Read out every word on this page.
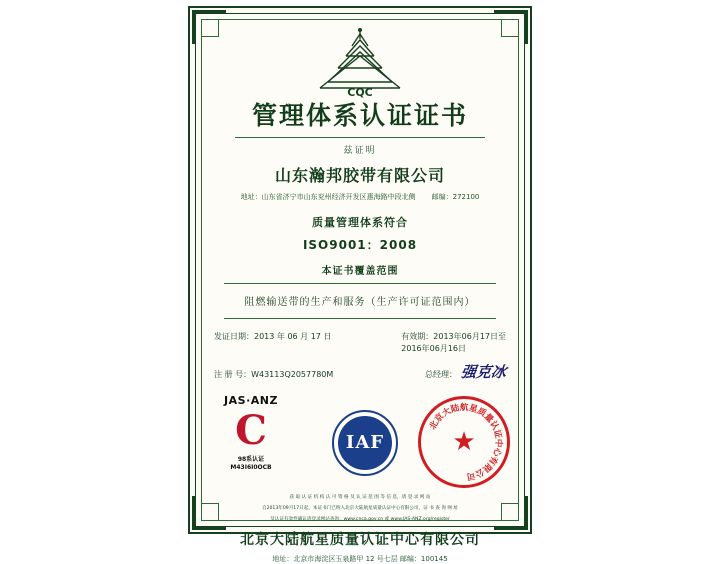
CQC
管理体系认证证书
兹证明
山东瀚邦胶带有限公司
地址：山东省济宁市山东兖州经济开发区惠海路中段北侧 邮编：272100
质量管理体系符合
ISO9001：2008
本证书覆盖范围
阻燃输送带的生产和服务（生产许可证范围内）
发证日期：2013 年 06 月 17 日	有效期：2013年06月17日至
2016年06月16日
注 册 号：W43113Q2057780M	总经理： 强克冰
JAS·ANZ
C
98系认证
M43I6I0OCB
IAF
北京大陆航星质量认证中心有限公司
★
获 取 认 证 机 构 认 可 资 格 及 认 证 范 围 等 信 息，请 登 录 网 站
自2013年09月17日起，本证书门已纳入北京大陆航星质量认证中心有限公司，证 书 查 询 网 址
及认证有效性确认请登录网站查询：www.cnca.gov.cn 或 www.JAS-ANZ.org/register
北京大陆航星质量认证中心有限公司
地址：北京市海淀区玉泉路甲 12 号七层 邮编：100145
